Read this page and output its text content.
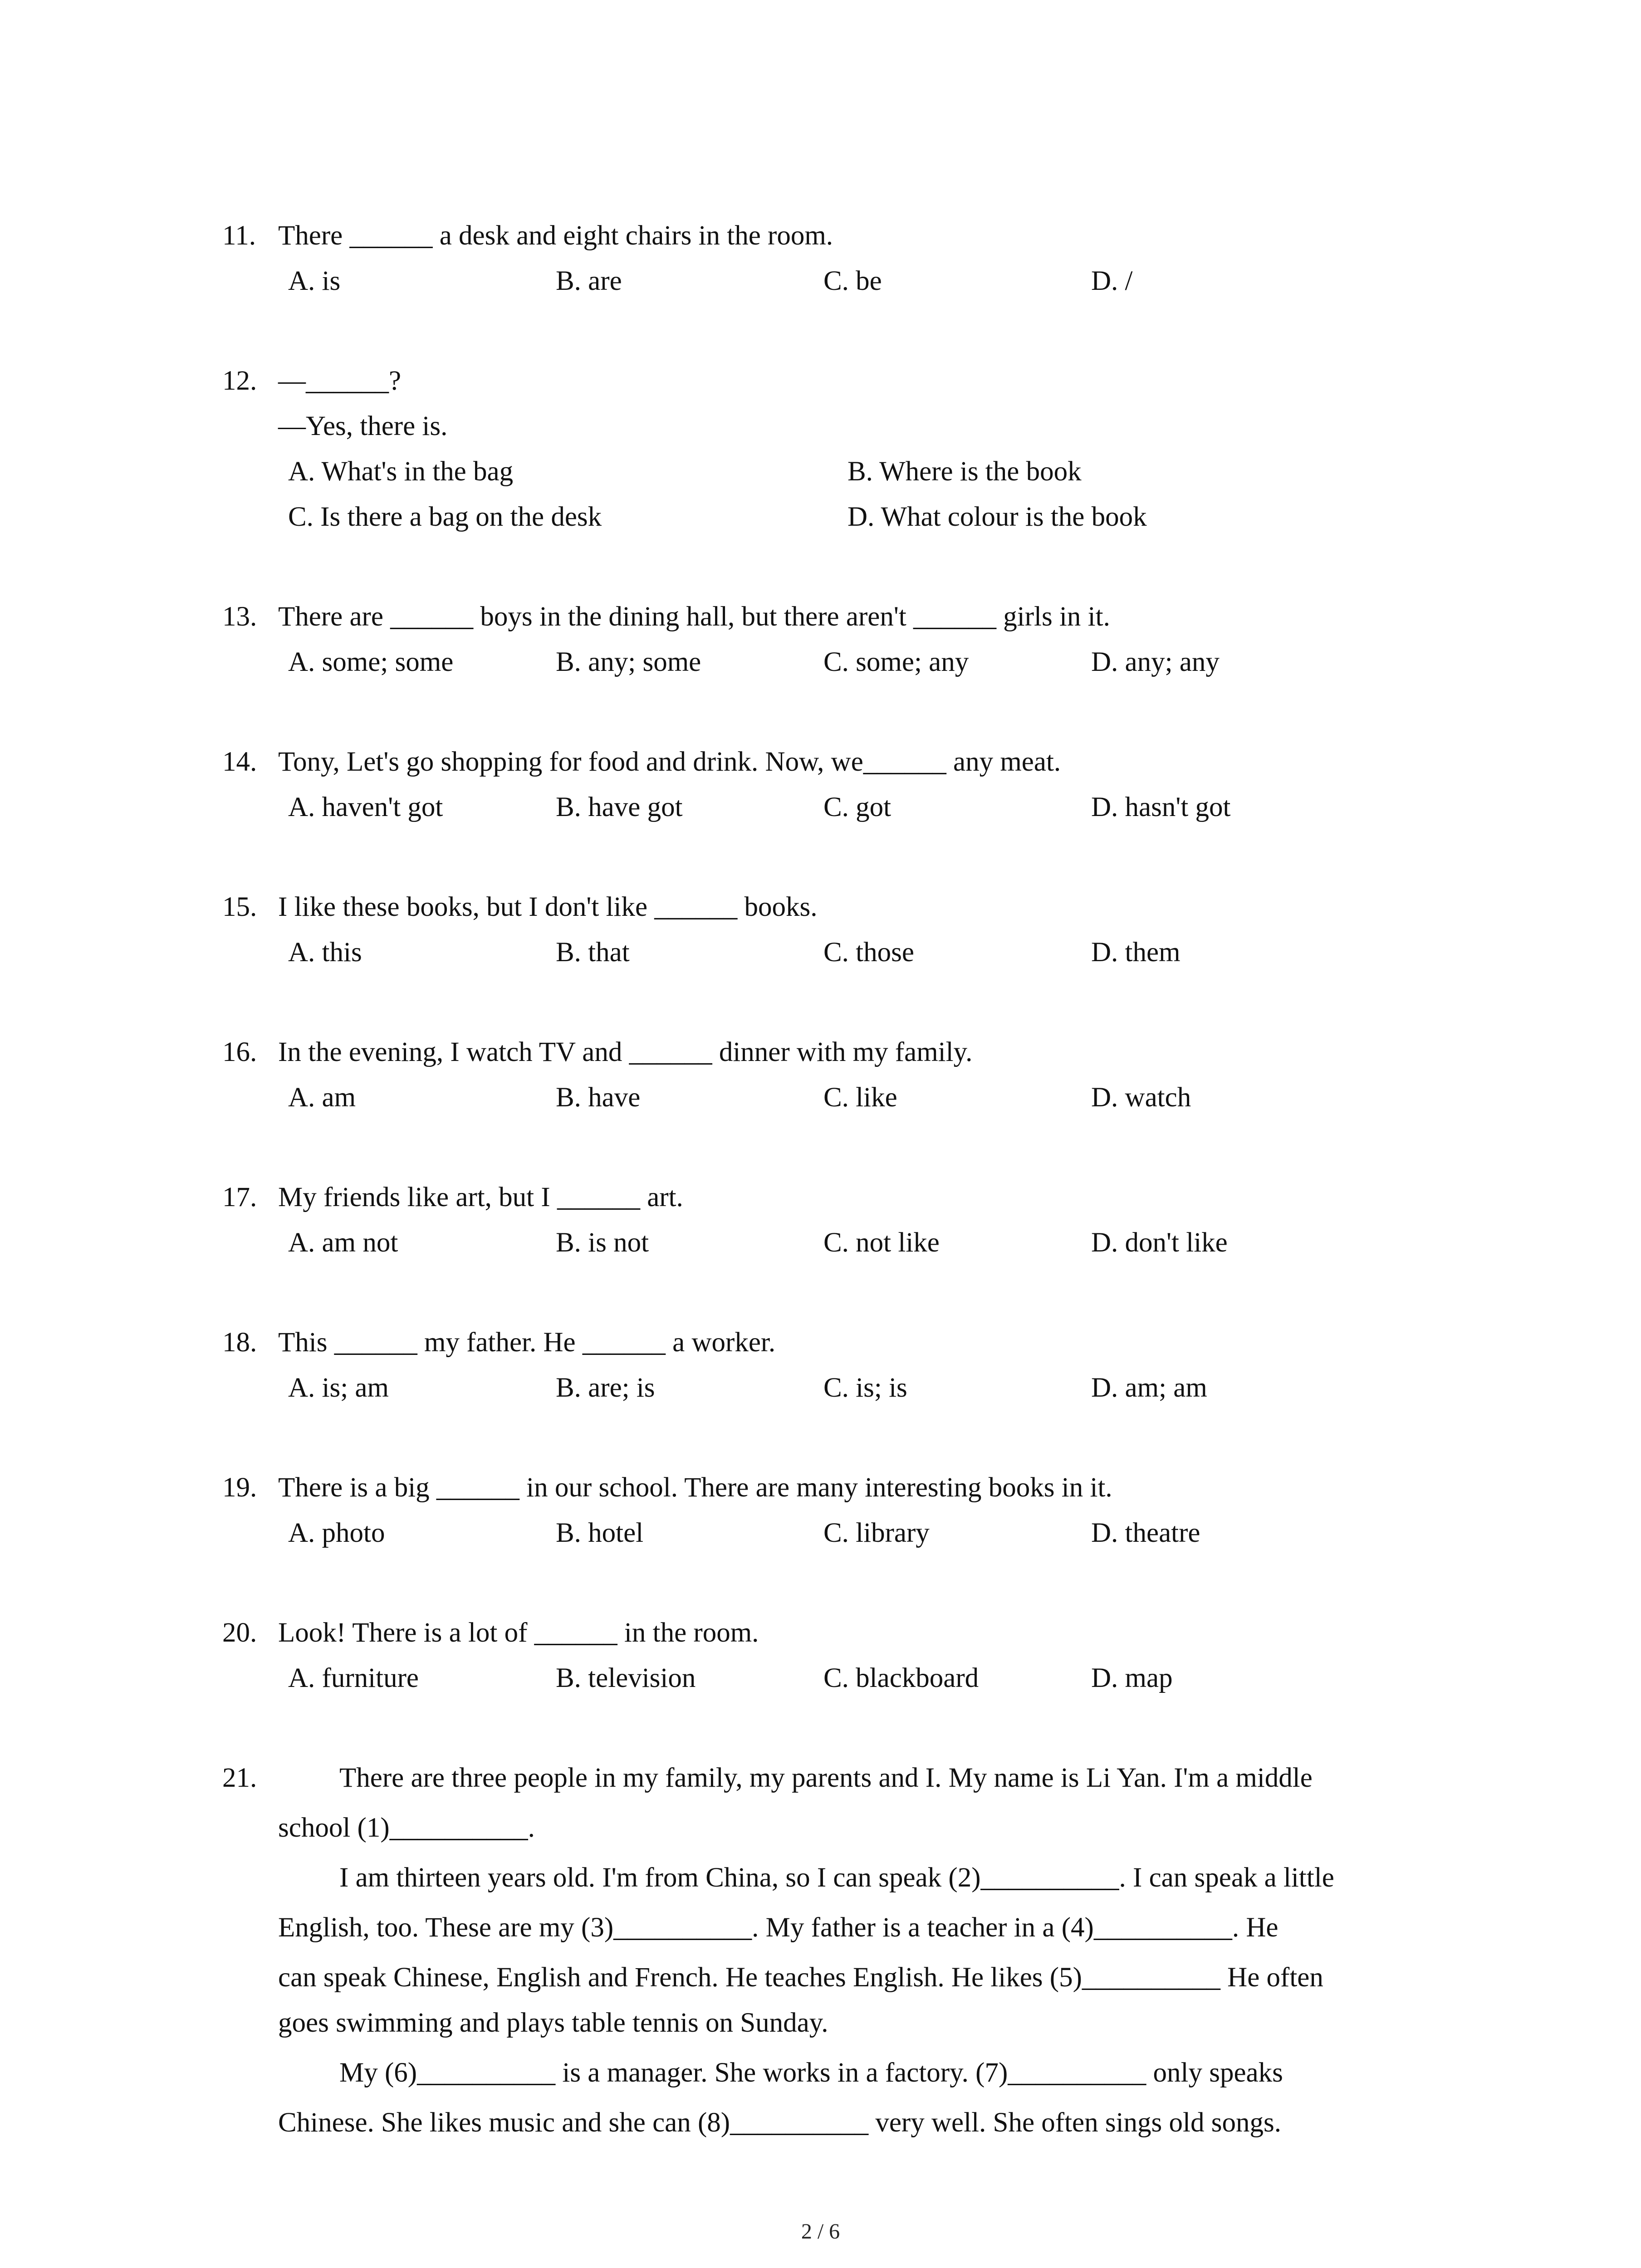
11. There ______ a desk and eight chairs in the room.
A. is	B. are	C. be	D. /
12. —______?
—Yes, there is.
A. What's in the bag	B. Where is the book
C. Is there a bag on the desk	D. What colour is the book
13. There are ______ boys in the dining hall, but there aren't ______ girls in it.
A. some; some	B. any; some	C. some; any	D. any; any
14. Tony, Let's go shopping for food and drink. Now, we______ any meat.
A. haven't got	B. have got	C. got	D. hasn't got
15. I like these books, but I don't like ______ books.
A. this	B. that	C. those	D. them
16. In the evening, I watch TV and ______ dinner with my family.
A. am	B. have	C. like	D. watch
17. My friends like art, but I ______ art.
A. am not	B. is not	C. not like	D. don't like
18. This ______ my father. He ______ a worker.
A. is; am	B. are; is	C. is; is	D. am; am
19. There is a big ______ in our school. There are many interesting books in it.
A. photo	B. hotel	C. library	D. theatre
20. Look! There is a lot of ______ in the room.
A. furniture	B. television	C. blackboard	D. map
21.	There are three people in my family, my parents and I. My name is Li Yan. I'm a middle
school (1)__________.
I am thirteen years old. I'm from China, so I can speak (2)__________. I can speak a little
English, too. These are my (3)__________. My father is a teacher in a (4)__________. He
can speak Chinese, English and French. He teaches English. He likes (5)__________ He often
goes swimming and plays table tennis on Sunday.
My (6)__________ is a manager. She works in a factory. (7)__________ only speaks
Chinese. She likes music and she can (8)__________ very well. She often sings old songs.
2 / 6
